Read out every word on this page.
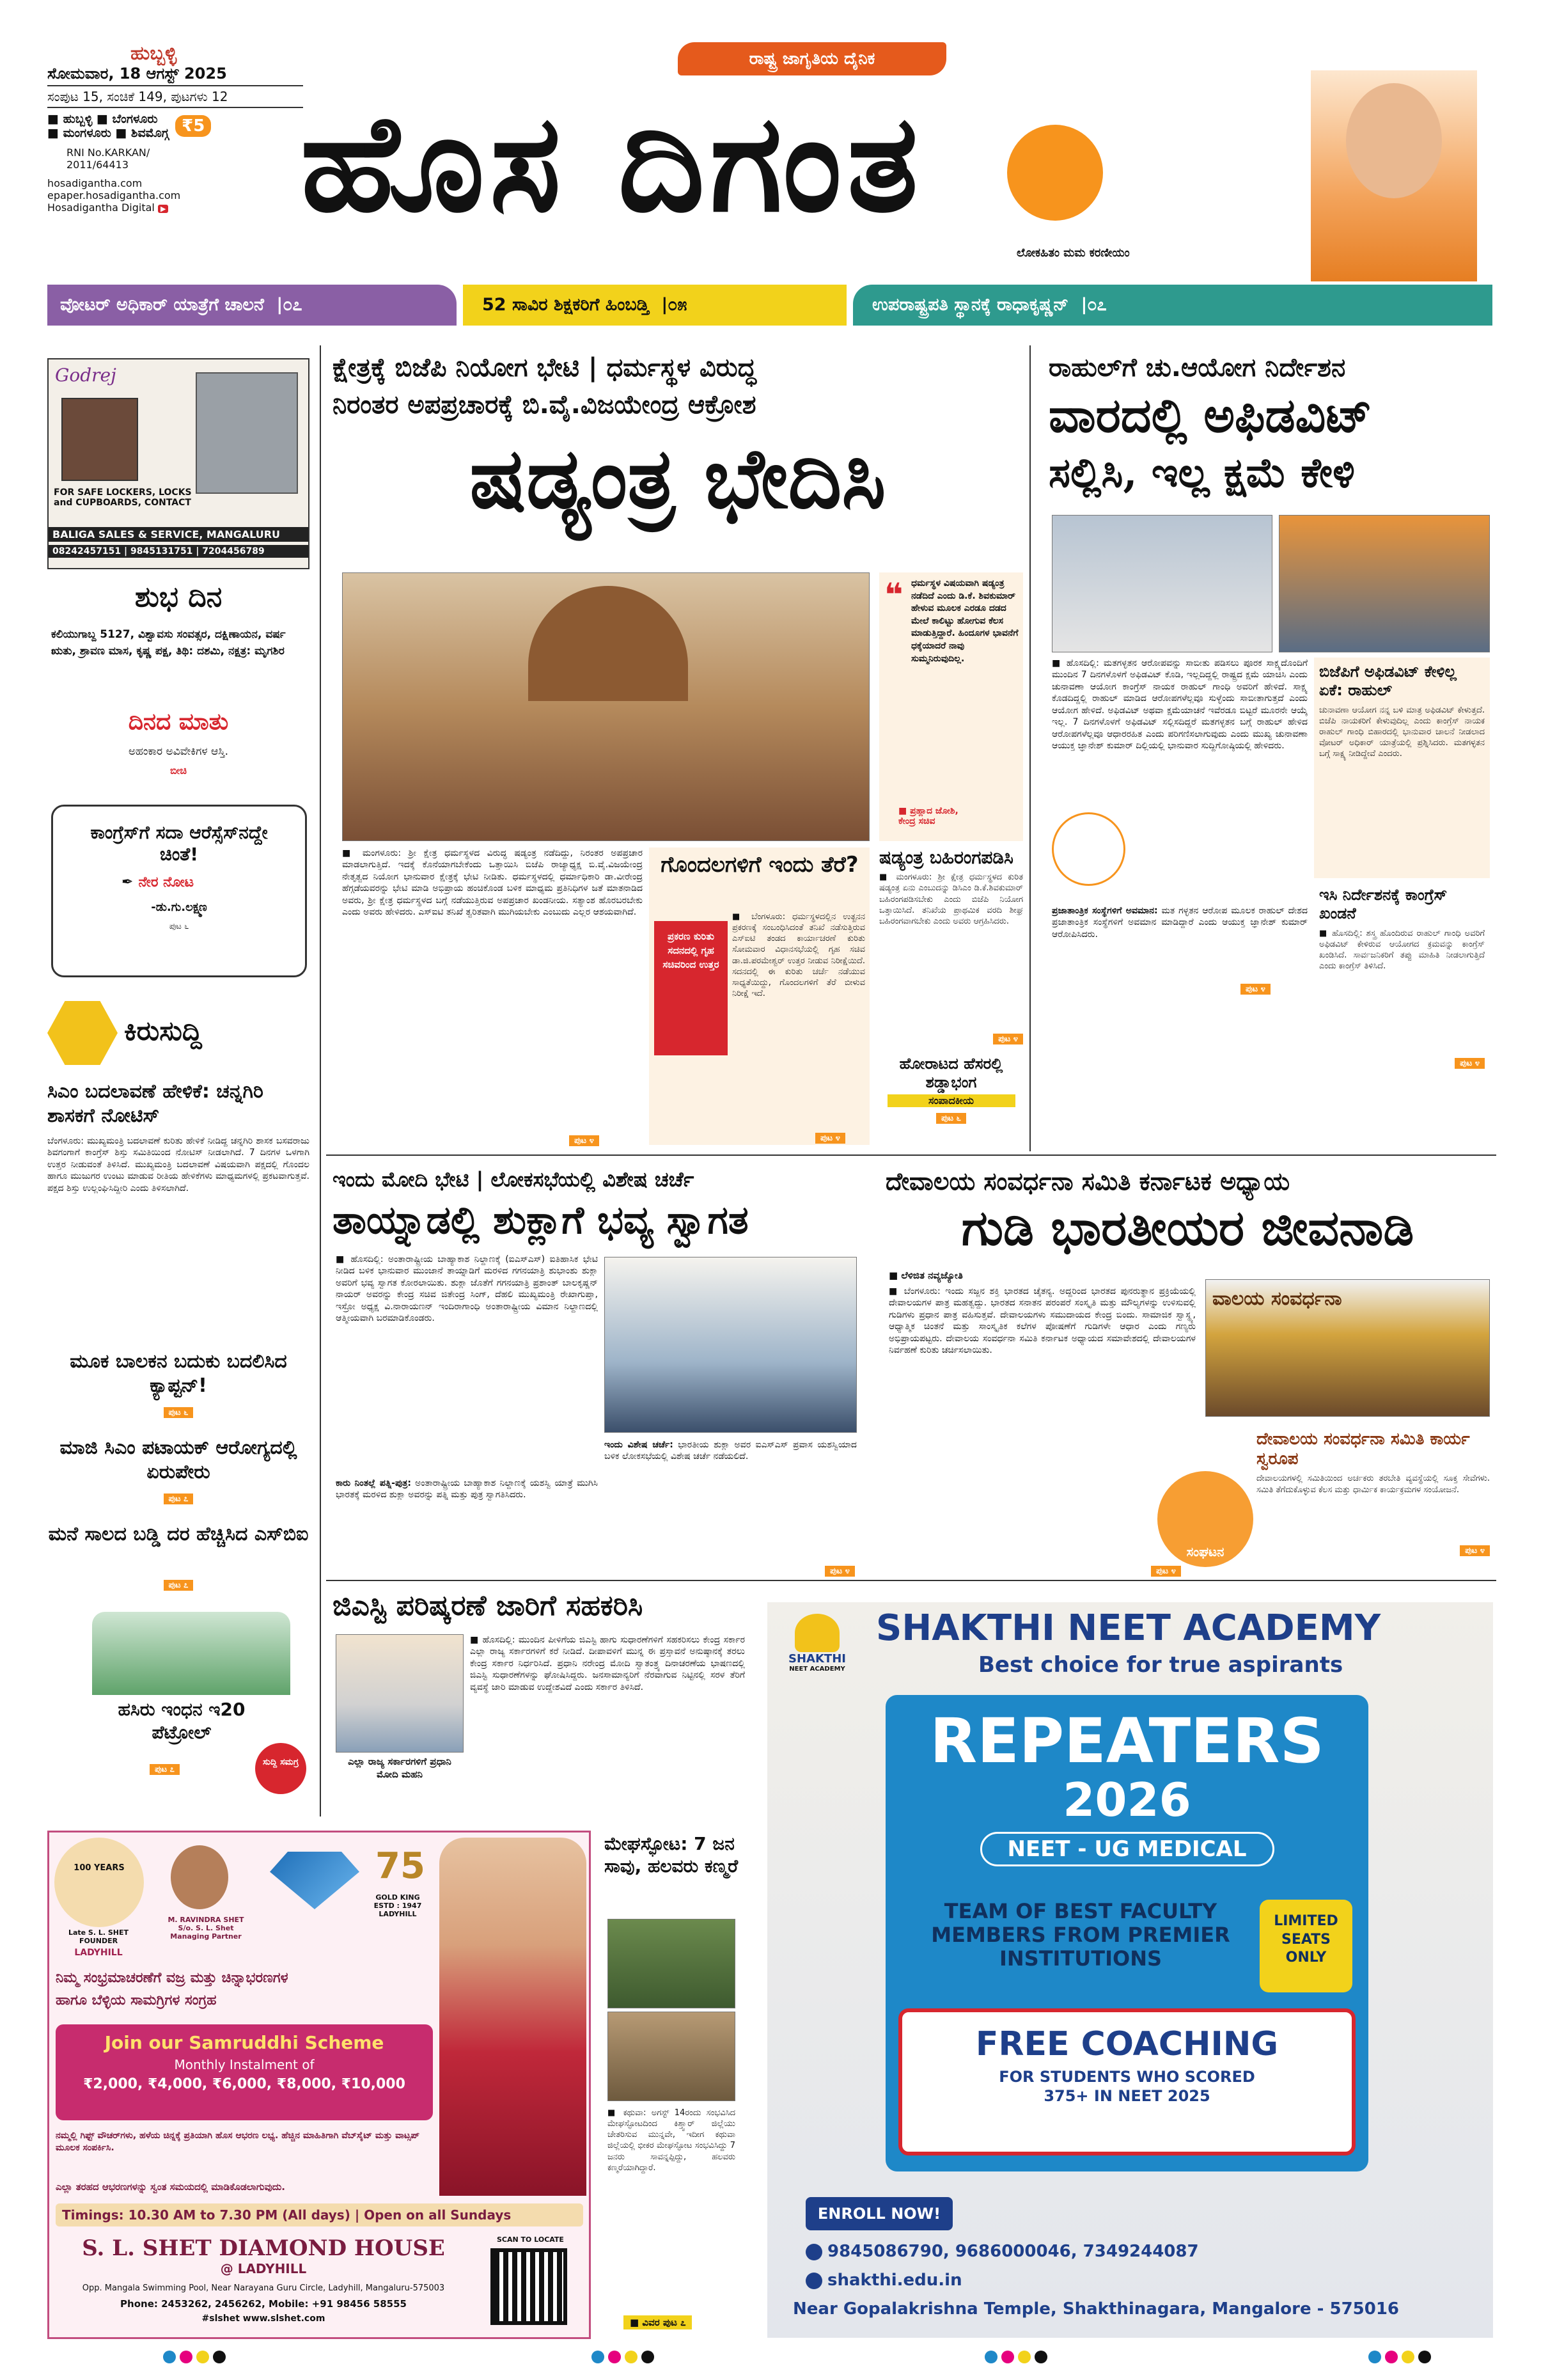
ಹುಬ್ಬಳ್ಳಿ
ಸೋಮವಾರ, 18 ಆಗಸ್ಟ್ 2025
ಸಂಪುಟ 15, ಸಂಚಿಕೆ 149, ಪುಟಗಳು 12
■ ಹುಬ್ಬಳ್ಳಿ ■ ಬೆಂಗಳೂರು
■ ಮಂಗಳೂರು ■ ಶಿವಮೊಗ್ಗ ₹5
RNI No.KARKAN/
2011/64413
hosadigantha.com
epaper.hosadigantha.com
Hosadigantha Digital ▶
ರಾಷ್ಟ್ರ ಜಾಗೃತಿಯ ದೈನಿಕ
ಹೊಸ ದಿಗಂತ
ಲೋಕಹಿತಂ ಮಮ ಕರಣೀಯಂ
ವೋಟರ್ ಅಧಿಕಾರ್ ಯಾತ್ರೆಗೆ ಚಾಲನೆ |೦೭	52 ಸಾವಿರ ಶಿಕ್ಷಕರಿಗೆ ಹಿಂಬಡ್ತಿ |೦೫	ಉಪರಾಷ್ಟ್ರಪತಿ ಸ್ಥಾನಕ್ಕೆ ರಾಧಾಕೃಷ್ಣನ್ |೦೭
Godrej
FOR SAFE LOCKERS, LOCKS
and CUPBOARDS, CONTACT
BALIGA SALES & SERVICE, MANGALURU
08242457151 | 9845131751 | 7204456789
ಶುಭ ದಿನ
ಕಲಿಯುಗಾಬ್ದ 5127, ವಿಶ್ವಾವಸು ಸಂವತ್ಸರ, ದಕ್ಷಿಣಾಯನ, ವರ್ಷ ಋತು, ಶ್ರಾವಣ ಮಾಸ, ಕೃಷ್ಣ ಪಕ್ಷ, ತಿಥಿ: ದಶಮಿ, ನಕ್ಷತ್ರ: ಮೃಗಶಿರ
ದಿನದ ಮಾತು
ಅಹಂಕಾರ ಅವಿವೇಕಿಗಳ ಆಸ್ತಿ.
ಬೀಚಿ
ಕಾಂಗ್ರೆಸ್‌ಗೆ ಸದಾ ಆರೆಸ್ಸೆಸ್‌ನದ್ದೇ ಚಿಂತೆ!
✒ ನೇರ ನೋಟ
-ಡು.ಗು.ಲಕ್ಷ್ಮಣ
ಪುಟ ೬
ಕಿರುಸುದ್ದಿ
ಸಿಎಂ ಬದಲಾವಣೆ ಹೇಳಿಕೆ: ಚನ್ನಗಿರಿ ಶಾಸಕಗೆ ನೋಟಿಸ್
ಬೆಂಗಳೂರು: ಮುಖ್ಯಮಂತ್ರಿ ಬದಲಾವಣೆ ಕುರಿತು ಹೇಳಿಕೆ ನೀಡಿದ್ದ ಚನ್ನಗಿರಿ ಶಾಸಕ ಬಸವರಾಜು ಶಿವಗಂಗಾಗೆ ಕಾಂಗ್ರೆಸ್ ಶಿಸ್ತು ಸಮಿತಿಯಿಂದ ನೋಟಿಸ್ ನೀಡಲಾಗಿದೆ. 7 ದಿನಗಳ ಒಳಗಾಗಿ ಉತ್ತರ ನೀಡುವಂತೆ ತಿಳಿಸಿದೆ. ಮುಖ್ಯಮಂತ್ರಿ ಬದಲಾವಣೆ ವಿಷಯವಾಗಿ ಪಕ್ಷದಲ್ಲಿ ಗೊಂದಲ ಹಾಗೂ ಮುಜುಗರ ಉಂಟು ಮಾಡುವ ರೀತಿಯ ಹೇಳಿಕೆಗಳು ಮಾಧ್ಯಮಗಳಲ್ಲಿ ಪ್ರಕಟವಾಗುತ್ತವೆ. ಪಕ್ಷದ ಶಿಸ್ತು ಉಲ್ಲಂಘಿಸಿದ್ದೀರಿ ಎಂದು ತಿಳಿಸಲಾಗಿದೆ.
ಮೂಕ ಬಾಲಕನ ಬದುಕು ಬದಲಿಸಿದ ಕ್ಯಾಪ್ಟನ್!
ಪುಟ ೬
ಮಾಜಿ ಸಿಎಂ ಪಟಾಯಕ್ ಆರೋಗ್ಯದಲ್ಲಿ ಏರುಪೇರು
ಪುಟ ೭
ಮನೆ ಸಾಲದ ಬಡ್ಡಿ ದರ ಹೆಚ್ಚಿಸಿದ ಎಸ್‌ಬಿಐ
ಪುಟ ೭
ಹಸಿರು ಇಂಧನ ಇ20 ಪೆಟ್ರೋಲ್
ಪುಟ ೭
ಸುದ್ದಿ ಸಮಗ್ರ
ಕ್ಷೇತ್ರಕ್ಕೆ ಬಿಜೆಪಿ ನಿಯೋಗ ಭೇಟಿ | ಧರ್ಮಸ್ಥಳ ವಿರುದ್ಧ
ನಿರಂತರ ಅಪಪ್ರಚಾರಕ್ಕೆ ಬಿ.ವೈ.ವಿಜಯೇಂದ್ರ ಆಕ್ರೋಶ
ಷಡ್ಯಂತ್ರ ಭೇದಿಸಿ
❝ ಧರ್ಮಸ್ಥಳ ವಿಷಯವಾಗಿ ಷಡ್ಯಂತ್ರ ನಡೆದಿದೆ ಎಂದು ಡಿ.ಕೆ. ಶಿವಕುಮಾರ್ ಹೇಳುವ ಮೂಲಕ ಎರಡೂ ದಡದ ಮೇಲೆ ಕಾಲಿಟ್ಟು ಹೋಗುವ ಕೆಲಸ ಮಾಡುತ್ತಿದ್ದಾರೆ. ಹಿಂದೂಗಳ ಭಾವನೆಗೆ ಧಕ್ಕೆಯಾದರೆ ನಾವು ಸುಮ್ಮನಿರುವುದಿಲ್ಲ.
■ ಪ್ರಹ್ಲಾದ ಜೋಶಿ,
ಕೇಂದ್ರ ಸಚಿವ
■ ಮಂಗಳೂರು: ಶ್ರೀ ಕ್ಷೇತ್ರ ಧರ್ಮಸ್ಥಳದ ವಿರುದ್ಧ ಷಡ್ಯಂತ್ರ ನಡೆದಿದ್ದು, ನಿರಂತರ ಅಪಪ್ರಚಾರ ಮಾಡಲಾಗುತ್ತಿದೆ. ಇದಕ್ಕೆ ಕೊನೆಯಾಗಬೇಕೆಂದು ಒತ್ತಾಯಿಸಿ ಬಿಜೆಪಿ ರಾಜ್ಯಾಧ್ಯಕ್ಷ ಬಿ.ವೈ.ವಿಜಯೇಂದ್ರ ನೇತೃತ್ವದ ನಿಯೋಗ ಭಾನುವಾರ ಕ್ಷೇತ್ರಕ್ಕೆ ಭೇಟಿ ನೀಡಿತು. ಧರ್ಮಸ್ಥಳದಲ್ಲಿ ಧರ್ಮಾಧಿಕಾರಿ ಡಾ.ವೀರೇಂದ್ರ ಹೆಗ್ಗಡೆಯವರನ್ನು ಭೇಟಿ ಮಾಡಿ ಅಭಿಪ್ರಾಯ ಹಂಚಿಕೊಂಡ ಬಳಿಕ ಮಾಧ್ಯಮ ಪ್ರತಿನಿಧಿಗಳ ಜತೆ ಮಾತನಾಡಿದ ಅವರು, ಶ್ರೀ ಕ್ಷೇತ್ರ ಧರ್ಮಸ್ಥಳದ ಬಗ್ಗೆ ನಡೆಯುತ್ತಿರುವ ಅಪಪ್ರಚಾರ ಖಂಡನೀಯ. ಸತ್ಯಾಂಶ ಹೊರಬರಬೇಕು ಎಂದು ಅವರು ಹೇಳಿದರು. ಎಸ್ಐಟಿ ತನಿಖೆ ತ್ವರಿತವಾಗಿ ಮುಗಿಯಬೇಕು ಎಂಬುದು ಎಲ್ಲರ ಆಶಯವಾಗಿದೆ.
ಪುಟ ೪
ಗೊಂದಲಗಳಿಗೆ ಇಂದು ತೆರೆ?
ಪ್ರಕರಣ ಕುರಿತು ಸದನದಲ್ಲಿ ಗೃಹ ಸಚಿವರಿಂದ ಉತ್ತರ
■ ಬೆಂಗಳೂರು: ಧರ್ಮಸ್ಥಳದಲ್ಲಿನ ಉತ್ಖನನ ಪ್ರಕರಣಕ್ಕೆ ಸಂಬಂಧಿಸಿದಂತೆ ತನಿಖೆ ನಡೆಸುತ್ತಿರುವ ಎಸ್ಐಟಿ ತಂಡದ ಕಾರ್ಯಾಚರಣೆ ಕುರಿತು ಸೋಮವಾರ ವಿಧಾನಸಭೆಯಲ್ಲಿ ಗೃಹ ಸಚಿವ ಡಾ.ಜಿ.ಪರಮೇಶ್ವರ್ ಉತ್ತರ ನೀಡುವ ನಿರೀಕ್ಷೆಯಿದೆ. ಸದನದಲ್ಲಿ ಈ ಕುರಿತು ಚರ್ಚೆ ನಡೆಯುವ ಸಾಧ್ಯತೆಯಿದ್ದು, ಗೊಂದಲಗಳಿಗೆ ತೆರೆ ಬೀಳುವ ನಿರೀಕ್ಷೆ ಇದೆ.
ಪುಟ ೪
ಷಡ್ಯಂತ್ರ ಬಹಿರಂಗಪಡಿಸಿ
■ ಮಂಗಳೂರು: ಶ್ರೀ ಕ್ಷೇತ್ರ ಧರ್ಮಸ್ಥಳದ ಕುರಿತ ಷಡ್ಯಂತ್ರ ಏನು ಎಂಬುದನ್ನು ಡಿಸಿಎಂ ಡಿ.ಕೆ.ಶಿವಕುಮಾರ್ ಬಹಿರಂಗಪಡಿಸಬೇಕು ಎಂದು ಬಿಜೆಪಿ ನಿಯೋಗ ಒತ್ತಾಯಿಸಿದೆ. ತನಿಖೆಯ ಪ್ರಾಥಮಿಕ ವರದಿ ಶೀಘ್ರ ಬಹಿರಂಗವಾಗಬೇಕು ಎಂದು ಅವರು ಆಗ್ರಹಿಸಿದರು.
ಪುಟ ೪
ಹೋರಾಟದ ಹೆಸರಲ್ಲಿ ಶಡ್ಡಾಭಂಗ
ಸಂಪಾದಕೀಯ
ಪುಟ ೬
ರಾಹುಲ್‌ಗೆ ಚು.ಆಯೋಗ ನಿರ್ದೇಶನ
ವಾರದಲ್ಲಿ ಅಫಿಡವಿಟ್
ಸಲ್ಲಿಸಿ, ಇಲ್ಲ ಕ್ಷಮೆ ಕೇಳಿ
■ ಹೊಸದಿಲ್ಲಿ: ಮತಗಳ್ಳತನ ಆರೋಪವನ್ನು ಸಾಬೀತು ಪಡಿಸಲು ಪೂರಕ ಸಾಕ್ಷ್ಯದೊಂದಿಗೆ ಮುಂದಿನ 7 ದಿನಗಳೊಳಗೆ ಅಫಿಡವಿಟ್ ಕೊಡಿ, ಇಲ್ಲದಿದ್ದಲ್ಲಿ ರಾಷ್ಟ್ರದ ಕ್ಷಮೆ ಯಾಚಿಸಿ ಎಂದು ಚುನಾವಣಾ ಆಯೋಗ ಕಾಂಗ್ರೆಸ್ ನಾಯಕ ರಾಹುಲ್ ಗಾಂಧಿ ಅವರಿಗೆ ಹೇಳಿದೆ. ಸಾಕ್ಷ್ಯ ಕೊಡದಿದ್ದಲ್ಲಿ ರಾಹುಲ್ ಮಾಡಿದ ಆರೋಪಗಳೆಲ್ಲವೂ ಸುಳ್ಳೆಂದು ಸಾಬೀತಾಗುತ್ತದೆ ಎಂದು ಆಯೋಗ ಹೇಳಿದೆ. ಅಫಿಡವಿಟ್ ಅಥವಾ ಕ್ಷಮೆಯಾಚನೆ ಇವೆರಡೂ ಬಿಟ್ಟರೆ ಮೂರನೇ ಆಯ್ಕೆ ಇಲ್ಲ. 7 ದಿನಗಳೊಳಗೆ ಅಫಿಡವಿಟ್ ಸಲ್ಲಿಸದಿದ್ದರೆ ಮತಗಳ್ಳತನ ಬಗ್ಗೆ ರಾಹುಲ್ ಹೇಳಿದ ಆರೋಪಗಳೆಲ್ಲವೂ ಆಧಾರರಹಿತ ಎಂದು ಪರಿಗಣಿಸಲಾಗುವುದು ಎಂದು ಮುಖ್ಯ ಚುನಾವಣಾ ಆಯುಕ್ತ ಜ್ಞಾನೇಶ್ ಕುಮಾರ್ ದಿಲ್ಲಿಯಲ್ಲಿ ಭಾನುವಾರ ಸುದ್ದಿಗೋಷ್ಠಿಯಲ್ಲಿ ಹೇಳಿದರು.
ಪ್ರಜಾತಾಂತ್ರಿಕ ಸಂಸ್ಥೆಗಳಿಗೆ ಅವಮಾನ: ಮತ ಗಳ್ಳತನ ಆರೋಪ ಮೂಲಕ ರಾಹುಲ್ ದೇಶದ ಪ್ರಜಾತಾಂತ್ರಿಕ ಸಂಸ್ಥೆಗಳಿಗೆ ಅವಮಾನ ಮಾಡಿದ್ದಾರೆ ಎಂದು ಆಯುಕ್ತ ಜ್ಞಾನೇಶ್ ಕುಮಾರ್ ಆರೋಪಿಸಿದರು.
ಪುಟ ೪
ಬಿಜೆಪಿಗೆ ಅಫಿಡವಿಟ್ ಕೇಳಿಲ್ಲ ಏಕೆ: ರಾಹುಲ್
ಚುನಾವಣಾ ಆಯೋಗ ನನ್ನ ಬಳಿ ಮಾತ್ರ ಅಫಿಡವಿಟ್ ಕೇಳುತ್ತದೆ. ಬಿಜೆಪಿ ನಾಯಕರಿಗೆ ಕೇಳುವುದಿಲ್ಲ ಎಂದು ಕಾಂಗ್ರೆಸ್ ನಾಯಕ ರಾಹುಲ್ ಗಾಂಧಿ ಬಿಹಾರದಲ್ಲಿ ಭಾನುವಾರ ಚಾಲನೆ ನೀಡಲಾದ ವೋಟರ್ ಅಧಿಕಾರ್ ಯಾತ್ರೆಯಲ್ಲಿ ಪ್ರಶ್ನಿಸಿದರು. ಮತಗಳ್ಳತನ ಬಗ್ಗೆ ಸಾಕ್ಷ್ಯ ನೀಡಿದ್ದೇವೆ ಎಂದರು.
ಇಸಿ ನಿರ್ದೇಶನಕ್ಕೆ ಕಾಂಗ್ರೆಸ್ ಖಂಡನೆ
■ ಹೊಸದಿಲ್ಲಿ: ಶಸ್ತ್ರ ಹೊಂದಿರುವ ರಾಹುಲ್ ಗಾಂಧಿ ಅವರಿಗೆ ಅಫಿಡವಿಟ್ ಕೇಳಿರುವ ಆಯೋಗದ ಕ್ರಮವನ್ನು ಕಾಂಗ್ರೆಸ್ ಖಂಡಿಸಿದೆ. ಸಾರ್ವಜನಿಕರಿಗೆ ತಪ್ಪು ಮಾಹಿತಿ ನೀಡಲಾಗುತ್ತಿದೆ ಎಂದು ಕಾಂಗ್ರೆಸ್ ತಿಳಿಸಿದೆ.
ಪುಟ ೪
ಇಂದು ಮೋದಿ ಭೇಟಿ | ಲೋಕಸಭೆಯಲ್ಲಿ ವಿಶೇಷ ಚರ್ಚೆ
ತಾಯ್ನಾಡಲ್ಲಿ ಶುಕ್ಲಾಗೆ ಭವ್ಯ ಸ್ವಾಗತ
■ ಹೊಸದಿಲ್ಲಿ: ಅಂತಾರಾಷ್ಟ್ರೀಯ ಬಾಹ್ಯಾಕಾಶ ನಿಲ್ದಾಣಕ್ಕೆ (ಐಎಸ್ಎಸ್) ಐತಿಹಾಸಿಕ ಭೇಟಿ ನೀಡಿದ ಬಳಿಕ ಭಾನುವಾರ ಮುಂಜಾನೆ ತಾಯ್ನಾಡಿಗೆ ಮರಳಿದ ಗಗನಯಾತ್ರಿ ಶುಭಾಂಶು ಶುಕ್ಲಾ ಅವರಿಗೆ ಭವ್ಯ ಸ್ವಾಗತ ಕೋರಲಾಯಿತು. ಶುಕ್ಲಾ ಜೊತೆಗೆ ಗಗನಯಾತ್ರಿ ಪ್ರಶಾಂತ್ ಬಾಲಕೃಷ್ಣನ್ ನಾಯರ್ ಅವರನ್ನು ಕೇಂದ್ರ ಸಚಿವ ಜಿತೇಂದ್ರ ಸಿಂಗ್, ದೆಹಲಿ ಮುಖ್ಯಮಂತ್ರಿ ರೇಖಾಗುಪ್ತಾ, ಇಸ್ರೋ ಅಧ್ಯಕ್ಷ ವಿ.ನಾರಾಯಣನ್ ಇಂದಿರಾಗಾಂಧಿ ಅಂತಾರಾಷ್ಟ್ರೀಯ ವಿಮಾನ ನಿಲ್ದಾಣದಲ್ಲಿ ಆತ್ಮೀಯವಾಗಿ ಬರಮಾಡಿಕೊಂಡರು.
ಕಾರು ನಿಂತಲ್ಲೆ ಪತ್ನಿ-ಪುತ್ರ: ಅಂತಾರಾಷ್ಟ್ರೀಯ ಬಾಹ್ಯಾಕಾಶ ನಿಲ್ದಾಣಕ್ಕೆ ಯಶಸ್ವಿ ಯಾತ್ರೆ ಮುಗಿಸಿ ಭಾರತಕ್ಕೆ ಮರಳಿದ ಶುಕ್ಲಾ ಅವರನ್ನು ಪತ್ನಿ ಮತ್ತು ಪುತ್ರ ಸ್ವಾಗತಿಸಿದರು.
ಇಂದು ವಿಶೇಷ ಚರ್ಚೆ: ಭಾರತೀಯ ಶುಕ್ಲಾ ಅವರ ಐಎಸ್ಎಸ್ ಪ್ರವಾಸ ಯಶಸ್ವಿಯಾದ ಬಳಿಕ ಲೋಕಸಭೆಯಲ್ಲಿ ವಿಶೇಷ ಚರ್ಚೆ ನಡೆಯಲಿದೆ.
ಪುಟ ೪
ದೇವಾಲಯ ಸಂವರ್ಧನಾ ಸಮಿತಿ ಕರ್ನಾಟಕ ಅಧ್ಯಾಯ
ಗುಡಿ ಭಾರತೀಯರ ಜೀವನಾಡಿ
■ ಲೆಳಿಜಿತ ನವ್ಯಜ್ಯೋತಿ
■ ಬೆಂಗಳೂರು: ಇಂದು ಸಜ್ಜನ ಶಕ್ತಿ ಭಾರತದ ಚೈತನ್ಯ. ಅದ್ದರಿಂದ ಭಾರತದ ಪುನರುತ್ಥಾನ ಪ್ರಕ್ರಿಯೆಯಲ್ಲಿ ದೇವಾಲಯಗಳ ಪಾತ್ರ ಮಹತ್ವದ್ದು. ಭಾರತದ ಸನಾತನ ಪರಂಪರೆ ಸಂಸ್ಕೃತಿ ಮತ್ತು ಮೌಲ್ಯಗಳನ್ನು ಉಳಿಸುವಲ್ಲಿ ಗುಡಿಗಳು ಪ್ರಧಾನ ಪಾತ್ರ ವಹಿಸುತ್ತವೆ. ದೇವಾಲಯಗಳು ಸಮುದಾಯದ ಕೇಂದ್ರ ಬಿಂದು. ಸಾಮಾಜಿಕ ಸ್ವಾಸ್ಥ್ಯ, ಆಧ್ಯಾತ್ಮಿಕ ಚಿಂತನೆ ಮತ್ತು ಸಾಂಸ್ಕೃತಿಕ ಕಲೆಗಳ ಪೋಷಣೆಗೆ ಗುಡಿಗಳೇ ಆಧಾರ ಎಂದು ಗಣ್ಯರು ಅಭಿಪ್ರಾಯಪಟ್ಟರು. ದೇವಾಲಯ ಸಂವರ್ಧನಾ ಸಮಿತಿ ಕರ್ನಾಟಕ ಅಧ್ಯಾಯದ ಸಮಾವೇಶದಲ್ಲಿ ದೇವಾಲಯಗಳ ನಿರ್ವಹಣೆ ಕುರಿತು ಚರ್ಚಿಸಲಾಯಿತು.
ಪುಟ ೪
ವಾಲಯ ಸಂವರ್ಧನಾ
ಸಂಘಟನ
ದೇವಾಲಯ ಸಂವರ್ಧನಾ ಸಮಿತಿ ಕಾರ್ಯ ಸ್ವರೂಪ
ದೇವಾಲಯಗಳಲ್ಲಿ ಸಮಿತಿಯಿಂದ ಅರ್ಚಕರು ತರಬೇತಿ ವ್ಯವಸ್ಥೆಯಲ್ಲಿ ಸೂಕ್ತ ಸೇವೆಗಳು. ಸಮಿತಿ ತೆಗೆದುಕೊಳ್ಳುವ ಕೆಲಸ ಮತ್ತು ಧಾರ್ಮಿಕ ಕಾರ್ಯಕ್ರಮಗಳ ಸಂಯೋಜನೆ.
ಪುಟ ೪
ಜಿಎಸ್ಟಿ ಪರಿಷ್ಕರಣೆ ಜಾರಿಗೆ ಸಹಕರಿಸಿ
ಎಲ್ಲಾ ರಾಜ್ಯ ಸರ್ಕಾರಗಳಿಗೆ ಪ್ರಧಾನಿ ಮೋದಿ ಮಹನಿ
■ ಹೊಸದಿಲ್ಲಿ: ಮುಂದಿನ ಪೀಳಿಗೆಯ ಜಿಎಸ್ಟಿ ಹಾಗು ಸುಧಾರಣೆಗಳಿಗೆ ಸಹಕರಿಸಲು ಕೇಂದ್ರ ಸರ್ಕಾರ ಎಲ್ಲಾ ರಾಜ್ಯ ಸರ್ಕಾರಗಳಿಗೆ ಕರೆ ನೀಡಿದೆ. ದೀಪಾವಳಿಗೆ ಮುನ್ನ ಈ ಪ್ರಸ್ತಾವನೆ ಅನುಷ್ಠಾನಕ್ಕೆ ತರಲು ಕೇಂದ್ರ ಸರ್ಕಾರ ನಿರ್ಧರಿಸಿದೆ. ಪ್ರಧಾನಿ ನರೇಂದ್ರ ಮೋದಿ ಸ್ವಾತಂತ್ರ್ಯ ದಿನಾಚರಣೆಯ ಭಾಷಣದಲ್ಲಿ ಜಿಎಸ್ಟಿ ಸುಧಾರಣೆಗಳನ್ನು ಘೋಷಿಸಿದ್ದರು. ಜನಸಾಮಾನ್ಯರಿಗೆ ನೆರವಾಗುವ ನಿಟ್ಟಿನಲ್ಲಿ ಸರಳ ತೆರಿಗೆ ವ್ಯವಸ್ಥೆ ಜಾರಿ ಮಾಡುವ ಉದ್ದೇಶವಿದೆ ಎಂದು ಸರ್ಕಾರ ತಿಳಿಸಿದೆ.
100 YEARS
Late S. L. SHET
FOUNDER
LADYHILL
M. RAVINDRA SHET
S/o. S. L. Shet
Managing Partner
75
GOLD KING
ESTD : 1947
LADYHILL
ನಿಮ್ಮ ಸಂಭ್ರಮಾಚರಣೆಗೆ ವಜ್ರ ಮತ್ತು ಚಿನ್ನಾಭರಣಗಳ
ಹಾಗೂ ಬೆಳ್ಳಿಯ ಸಾಮಗ್ರಿಗಳ ಸಂಗ್ರಹ
Join our Samruddhi Scheme
Monthly Instalment of
₹2,000, ₹4,000, ₹6,000, ₹8,000, ₹10,000
ನಮ್ಮಲ್ಲಿ ಗಿಫ್ಟ್ ವೌಚರ್‌ಗಳು, ಹಳೆಯ ಚಿನ್ನಕ್ಕೆ ಪ್ರತಿಯಾಗಿ ಹೊಸ ಆಭರಣ ಲಭ್ಯ. ಹೆಚ್ಚಿನ ಮಾಹಿತಿಗಾಗಿ ವೆಬ್‌ಸೈಟ್ ಮತ್ತು ವಾಟ್ಸಪ್ ಮೂಲಕ ಸಂಪರ್ಕಿಸಿ.
ಎಲ್ಲಾ ತರಹದ ಆಭರಣಗಳನ್ನು ಸ್ವಂತ ಸಮಯದಲ್ಲಿ ಮಾಡಿಕೊಡಲಾಗುವುದು.
Timings: 10.30 AM to 7.30 PM (All days) | Open on all Sundays
S. L. SHET DIAMOND HOUSE
@ LADYHILL
Opp. Mangala Swimming Pool, Near Narayana Guru Circle, Ladyhill, Mangaluru-575003
Phone: 2453262, 2456262, Mobile: +91 98456 58555
#slshet www.slshet.com
SCAN TO LOCATE
ಮೇಘಸ್ಫೋಟ: 7 ಜನ ಸಾವು, ಹಲವರು ಕಣ್ಮರೆ
■ ಕಥುವಾ: ಅಗಸ್ಟ್ 14ರಂದು ಸಂಭವಿಸಿದ ಮೇಘಸ್ಫೋಟದಿಂದ ಕಿಶ್ತ್ವಾರ್ ಜಿಲ್ಲೆಯು ಚೇತರಿಸುವ ಮುನ್ನವೇ, ಇದೀಗ ಕಥುವಾ ಜಿಲ್ಲೆಯಲ್ಲಿ ಭೀಕರ ಮೇಘಸ್ಫೋಟ ಸಂಭವಿಸಿದ್ದು 7 ಜನರು ಸಾವನ್ನಪ್ಪಿದ್ದು, ಹಲವರು ಕಣ್ಮರೆಯಾಗಿದ್ದಾರೆ.
■ ವಿವರ ಪುಟ ೭
SHAKTHI
NEET ACADEMY
SHAKTHI NEET ACADEMY
Best choice for true aspirants
REPEATERS
2026
NEET - UG MEDICAL
TEAM OF BEST FACULTY
MEMBERS FROM PREMIER
INSTITUTIONS
LIMITED
SEATS
ONLY
FREE COACHING
FOR STUDENTS WHO SCORED
375+ IN NEET 2025
ENROLL NOW!
9845086790, 9686000046, 7349244087
shakthi.edu.in
Near Gopalakrishna Temple, Shakthinagara, Mangalore - 575016
